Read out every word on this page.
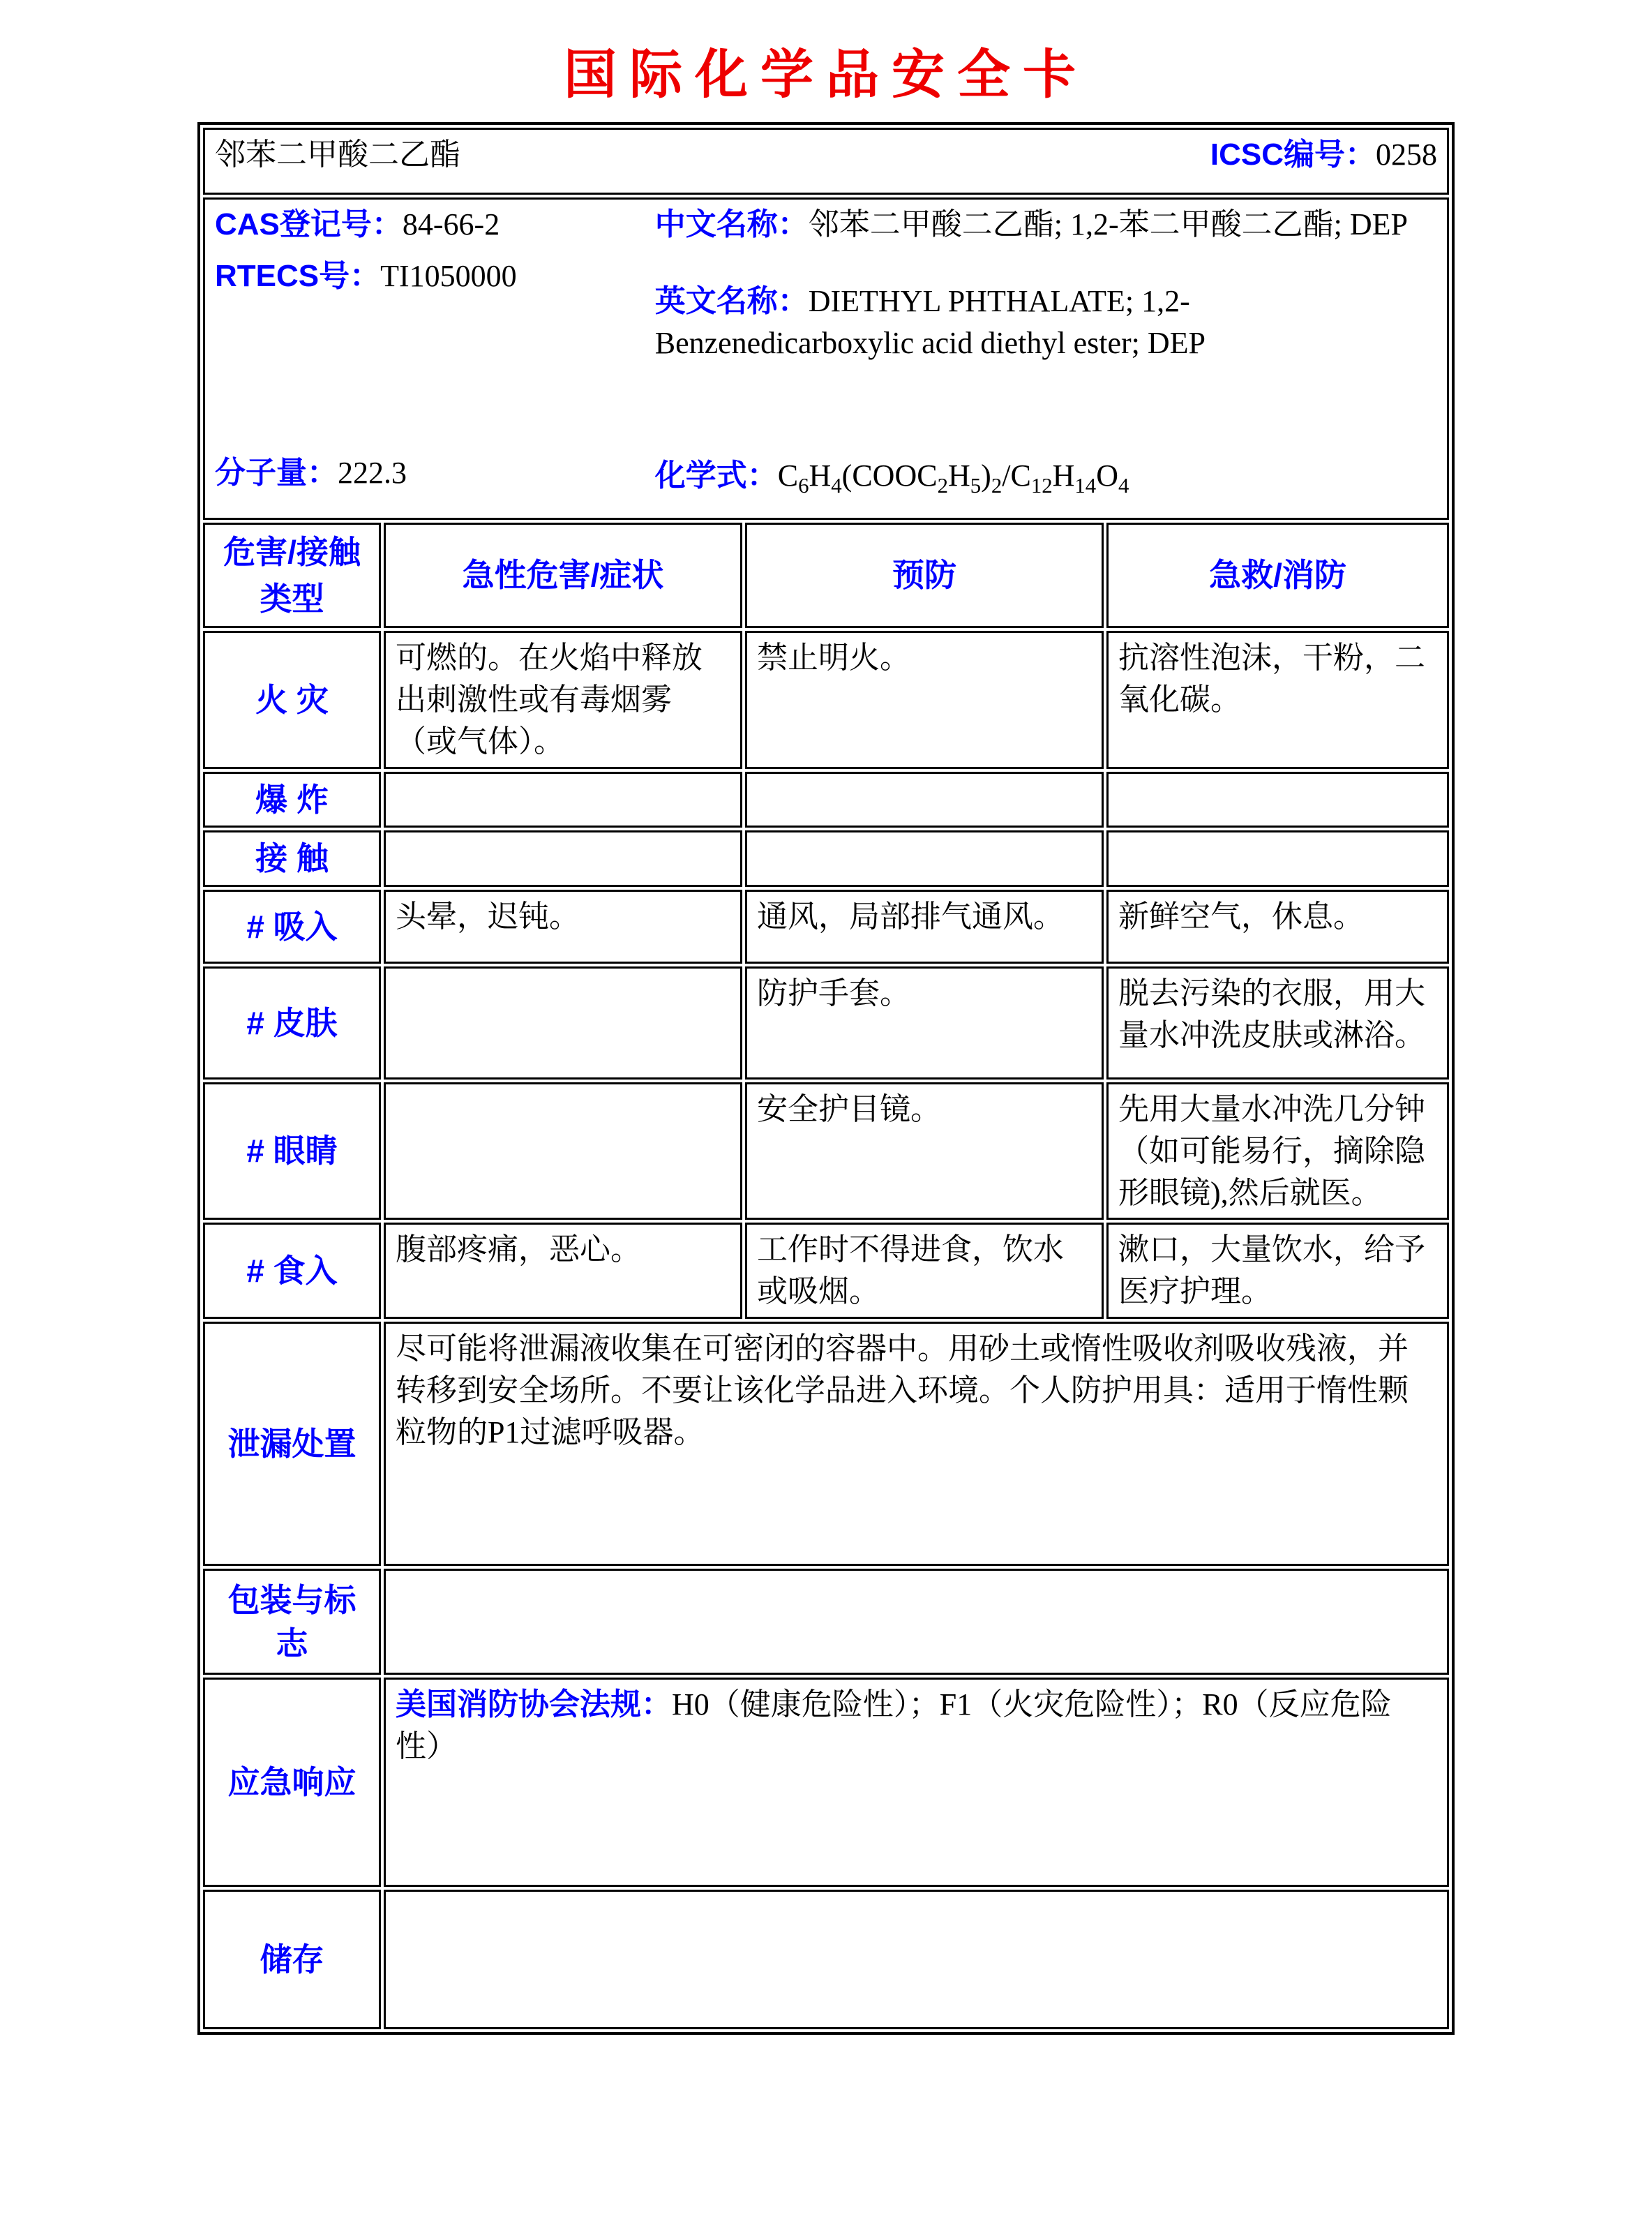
国际化学品安全卡
邻苯二甲酸二乙酯 ICSC编号：0258			

CAS登记号：84-66-2
RTECS号：TI1050000
分子量：222.3
中文名称：邻苯二甲酸二乙酯; 1,2-苯二甲酸二乙酯; DEP
英文名称：DIETHYL PHTHALATE; 1,2-Benzenedicarboxylic acid diethyl ester; DEP
化学式：$C_6H_4(COOC_2H_5)_2/C_{12}H_{14}O_4$

危害/接触类型	急性危害/症状	预防	急救/消防
火 灾	可燃的。在火焰中释放出刺激性或有毒烟雾（或气体）。	禁止明火。	抗溶性泡沫，干粉，二氧化碳。
爆 炸			
接 触			
# 吸入	头晕，迟钝。	通风，局部排气通风。	新鲜空气，休息。
# 皮肤		防护手套。	脱去污染的衣服，用大量水冲洗皮肤或淋浴。
# 眼睛		安全护目镜。	先用大量水冲洗几分钟（如可能易行，摘除隐形眼镜),然后就医。
# 食入	腹部疼痛，恶心。	工作时不得进食，饮水或吸烟。	漱口，大量饮水，给予医疗护理。
泄漏处置	尽可能将泄漏液收集在可密闭的容器中。用砂土或惰性吸收剂吸收残液，并转移到安全场所。不要让该化学品进入环境。个人防护用具：适用于惰性颗粒物的P1过滤呼吸器。		
包装与标志			
应急响应	美国消防协会法规：H0（健康危险性）；F1（火灾危险性）；R0（反应危险性）		
储存			
